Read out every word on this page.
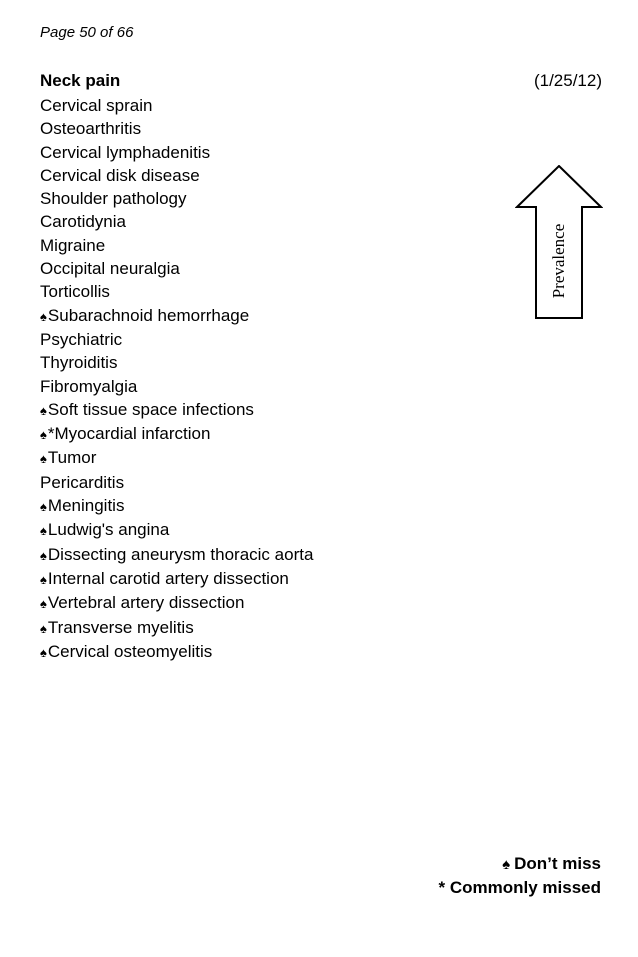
Page 50 of 66
Neck pain	(1/25/12)
Cervical sprain
Osteoarthritis
Cervical lymphadenitis
Cervical disk disease
Shoulder pathology
Carotidynia
Migraine
Occipital neuralgia
Torticollis
♠Subarachnoid hemorrhage
Psychiatric
Thyroiditis
Fibromyalgia
♠Soft tissue space infections
♠*Myocardial infarction
♠Tumor
Pericarditis
♠Meningitis
♠Ludwig's angina
♠Dissecting aneurysm thoracic aorta
♠Internal carotid artery dissection
♠Vertebral artery dissection
♠Transverse myelitis
♠Cervical osteomyelitis
Prevalence
♠ Don’t miss
* Commonly missed
